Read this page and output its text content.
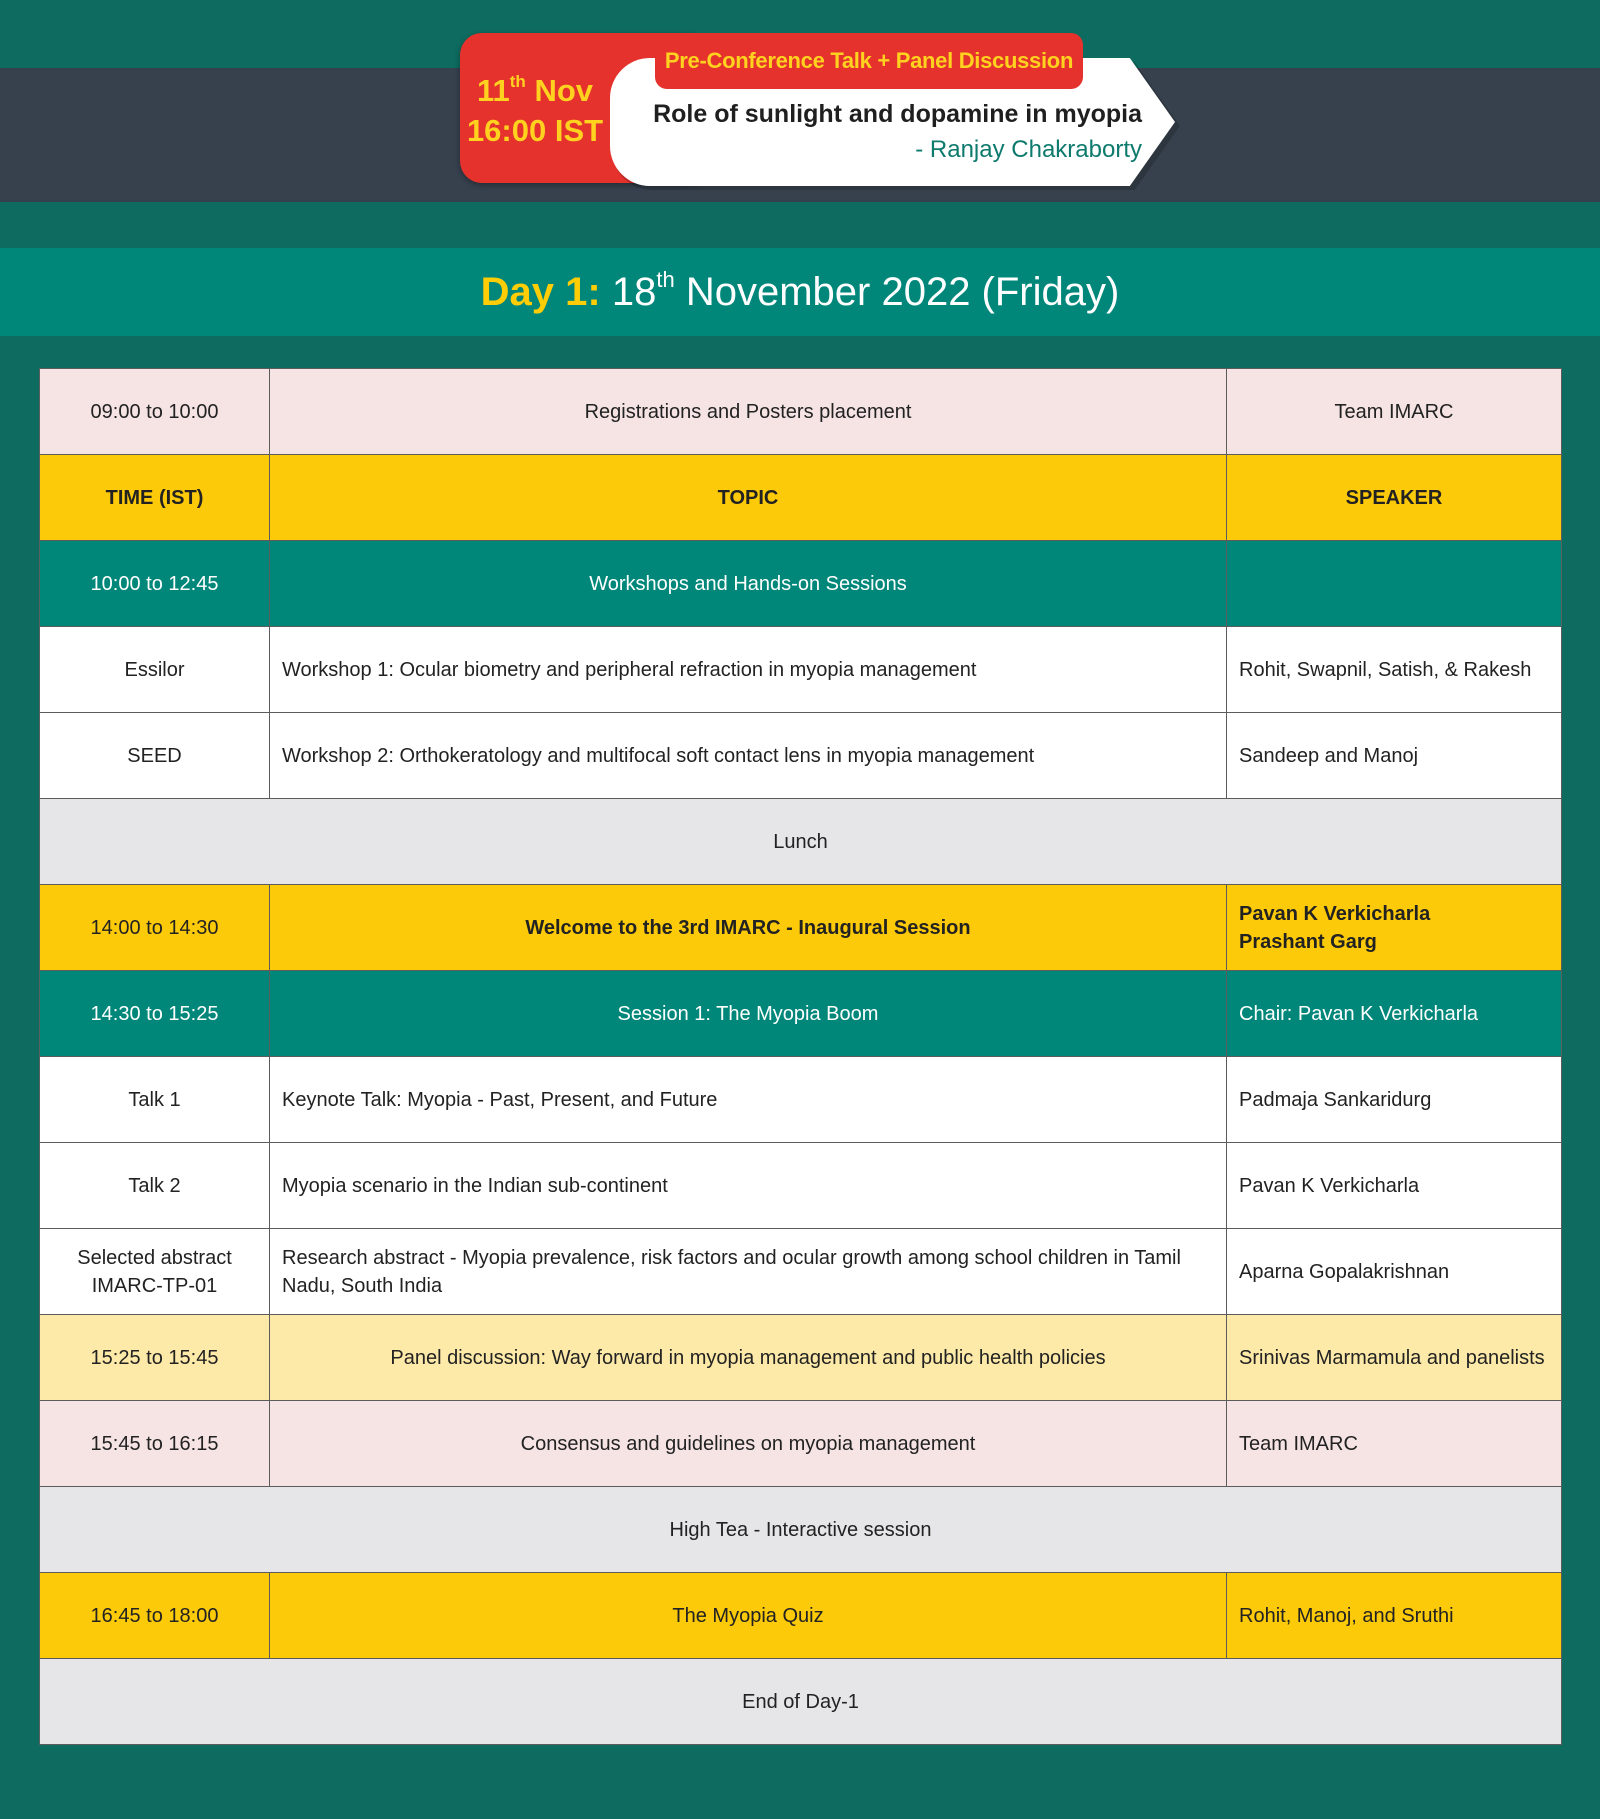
11th Nov
16:00 IST
Pre-Conference Talk + Panel Discussion
Role of sunlight and dopamine in myopia
- Ranjay Chakraborty
Day 1: 18th November 2022 (Friday)
09:00 to 10:00	Registrations and Posters placement	Team IMARC
TIME (IST)	TOPIC	SPEAKER
10:00 to 12:45	Workshops and Hands-on Sessions	
Essilor	Workshop 1: Ocular biometry and peripheral refraction in myopia management	Rohit, Swapnil, Satish, & Rakesh
SEED	Workshop 2: Orthokeratology and multifocal soft contact lens in myopia management	Sandeep and Manoj
Lunch		
14:00 to 14:30	Welcome to the 3rd IMARC - Inaugural Session	Pavan K Verkicharla
Prashant Garg

14:30 to 15:25	Session 1: The Myopia Boom	Chair: Pavan K Verkicharla
Talk 1	Keynote Talk: Myopia - Past, Present, and Future	Padmaja Sankaridurg
Talk 2	Myopia scenario in the Indian sub-continent	Pavan K Verkicharla

Selected abstract
IMARC-TP-01	Research abstract - Myopia prevalence, risk factors and ocular growth among school children in Tamil Nadu, South India	Aparna Gopalakrishnan
15:25 to 15:45	Panel discussion: Way forward in myopia management and public health policies	Srinivas Marmamula and panelists
15:45 to 16:15	Consensus and guidelines on myopia management	Team IMARC
High Tea - Interactive session		
16:45 to 18:00	The Myopia Quiz	Rohit, Manoj, and Sruthi
End of Day-1		
